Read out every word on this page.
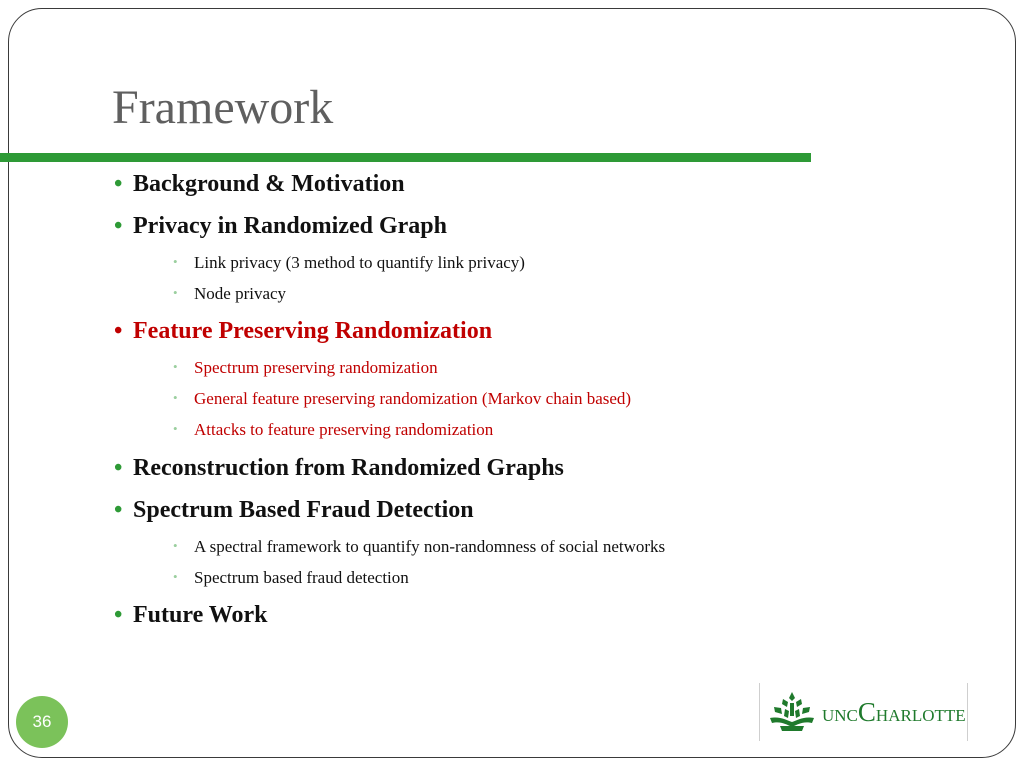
Framework
• Background & Motivation
• Privacy in Randomized Graph
• Link privacy (3 method to quantify link privacy)
• Node privacy
• Feature Preserving Randomization
• Spectrum preserving randomization
• General feature preserving randomization (Markov chain based)
• Attacks to feature preserving randomization
• Reconstruction from Randomized Graphs
• Spectrum Based Fraud Detection
• A spectral framework to quantify non-randomness of social networks
• Spectrum based fraud detection
• Future Work
36	UNCCHARLOTTE
